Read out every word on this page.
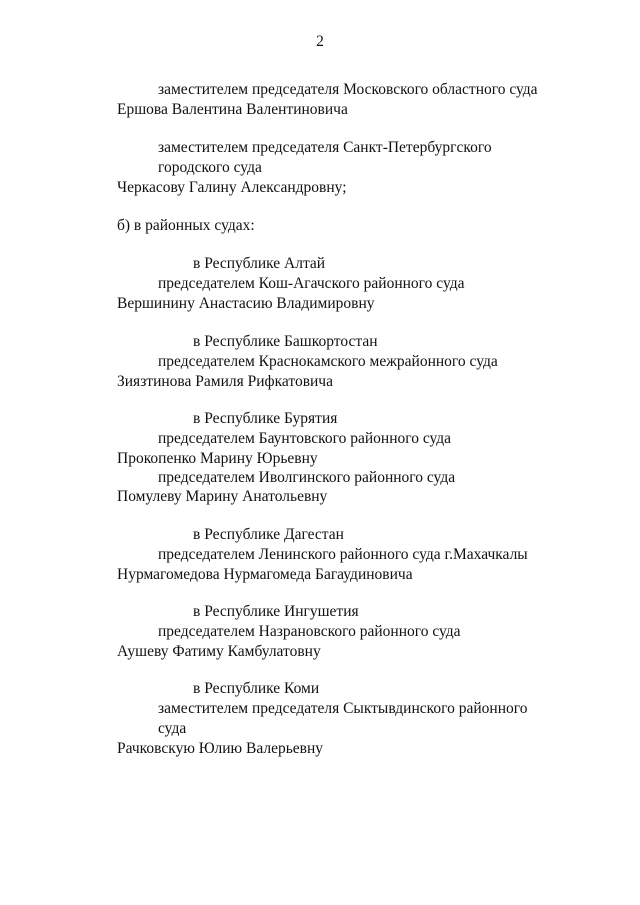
2
заместителем председателя Московского областного суда
Ершова Валентина Валентиновича
заместителем председателя Санкт-Петербургского
городского суда
Черкасову Галину Александровну;
б) в районных судах:
в Республике Алтай
председателем Кош-Агачского районного суда
Вершинину Анастасию Владимировну
в Республике Башкортостан
председателем Краснокамского межрайонного суда
Зиязтинова Рамиля Рифкатовича
в Республике Бурятия
председателем Баунтовского районного суда
Прокопенко Марину Юрьевну
председателем Иволгинского районного суда
Помулеву Марину Анатольевну
в Республике Дагестан
председателем Ленинского районного суда г.Махачкалы
Нурмагомедова Нурмагомеда Багаудиновича
в Республике Ингушетия
председателем Назрановского районного суда
Аушеву Фатиму Камбулатовну
в Республике Коми
заместителем председателя Сыктывдинского районного
суда
Рачковскую Юлию Валерьевну
